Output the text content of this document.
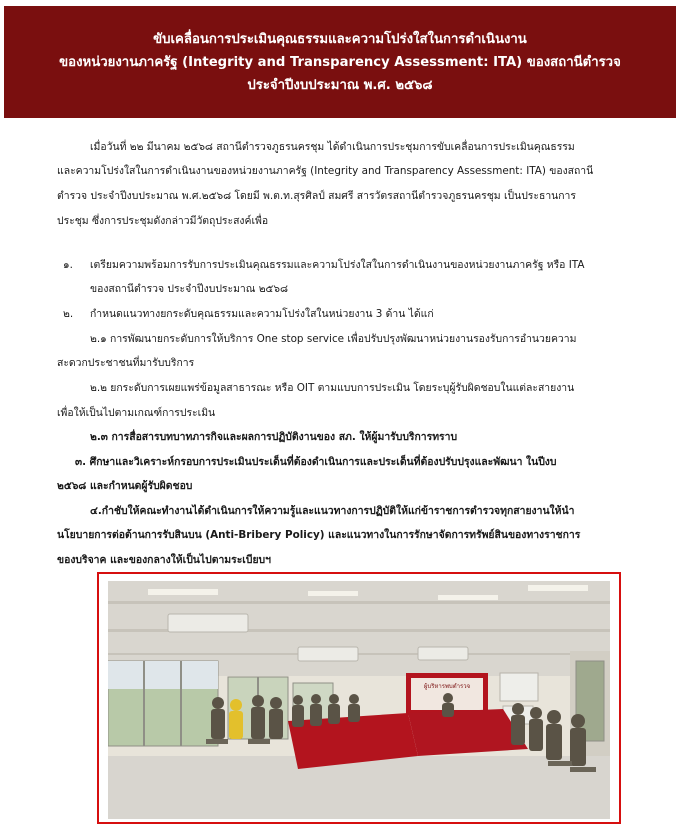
ขับเคลื่อนการประเมินคุณธรรมและความโปร่งใสในการดำเนินงาน
ของหน่วยงานภาครัฐ (Integrity and Transparency Assessment: ITA) ของสถานีตำรวจ
ประจำปีงบประมาณ พ.ศ. ๒๕๖๘

เมื่อวันที่ ๒๒ มีนาคม ๒๕๖๘ สถานีตำรวจภูธรนครชุม ได้ดำเนินการประชุมการขับเคลื่อนการประเมินคุณธรรม

และความโปร่งใสในการดำเนินงานของหน่วยงานภาครัฐ (Integrity and Transparency Assessment: ITA) ของสถานี

ตำรวจ ประจำปีงบประมาณ พ.ศ.๒๕๖๘ โดยมี พ.ต.ท.สุรศิลป์ สมศรี สารวัตรสถานีตำรวจภูธรนครชุม เป็นประธานการ

ประชุม ซึ่งการประชุมดังกล่าวมีวัตถุประสงค์เพื่อ

๑. เตรียมความพร้อมการรับการประเมินคุณธรรมและความโปร่งใสในการดำเนินงานของหน่วยงานภาครัฐ หรือ ITA

ของสถานีตำรวจ ประจำปีงบประมาณ ๒๕๖๘

๒. กำหนดแนวทางยกระดับคุณธรรมและความโปร่งใสในหน่วยงาน 3 ด้าน ได้แก่

๒.๑ การพัฒนายกระดับการให้บริการ One stop service เพื่อปรับปรุงพัฒนาหน่วยงานรองรับการอำนวยความ

สะดวกประชาชนที่มารับบริการ

๒.๒ ยกระดับการเผยแพร่ข้อมูลสาธารณะ หรือ OIT ตามแบบการประเมิน โดยระบุผู้รับผิดชอบในแต่ละสายงาน

เพื่อให้เป็นไปตามเกณฑ์การประเมิน

๒.๓ การสื่อสารบทบาทภารกิจและผลการปฏิบัติงานของ สภ. ให้ผู้มารับบริการทราบ

๓. ศึกษาและวิเคราะห์กรอบการประเมินประเด็นที่ต้องดำเนินการและประเด็นที่ต้องปรับปรุงและพัฒนา ในปีงบ

๒๕๖๘ และกำหนดผู้รับผิดชอบ

๔.กำชับให้คณะทำงานได้ดำเนินการให้ความรู้และแนวทางการปฏิบัติให้แก่ข้าราชการตำรวจทุกสายงานให้นำ

นโยบายการต่อต้านการรับสินบน (Anti-Bribery Policy) และแนวทางในการรักษาจัดการทรัพย์สินของทางราชการ

ของบริจาค และของกลางให้เป็นไปตามระเบียบฯ

ผู้บริหารพบตำรวจ
